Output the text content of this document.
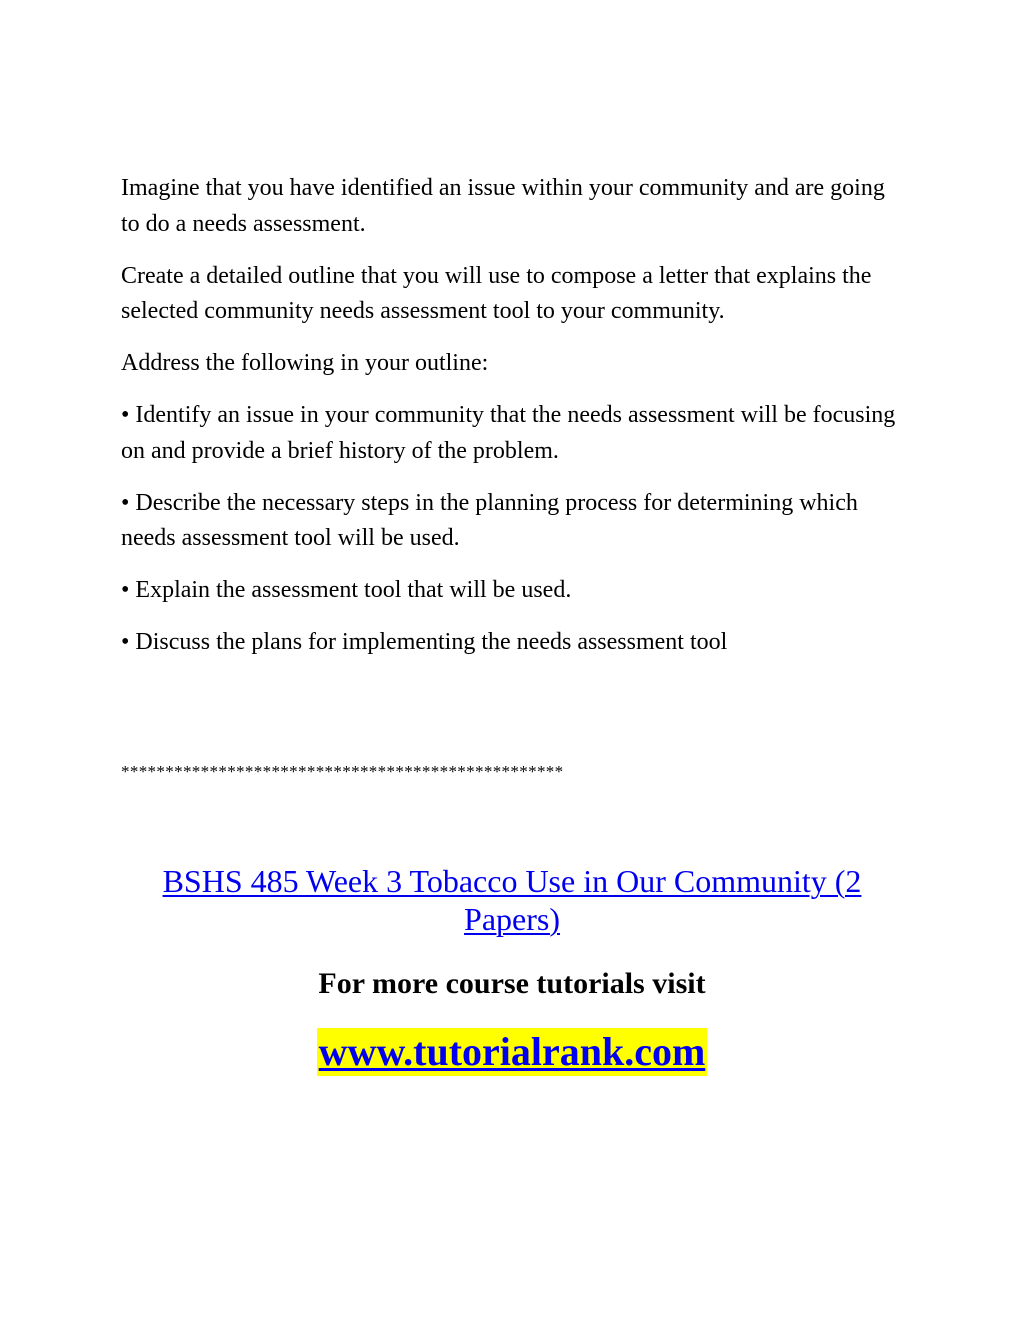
Imagine that you have identified an issue within your community and are going to do a needs assessment.

Create a detailed outline that you will use to compose a letter that explains the selected community needs assessment tool to your community.

Address the following in your outline:

• Identify an issue in your community that the needs assessment will be focusing on and provide a brief history of the problem.

• Describe the necessary steps in the planning process for determining which needs assessment tool will be used.

• Explain the assessment tool that will be used.

• Discuss the plans for implementing the needs assessment tool

**************************************************
BSHS 485 Week 3 Tobacco Use in Our Community (2 Papers)
For more course tutorials visit
www.tutorialrank.com
